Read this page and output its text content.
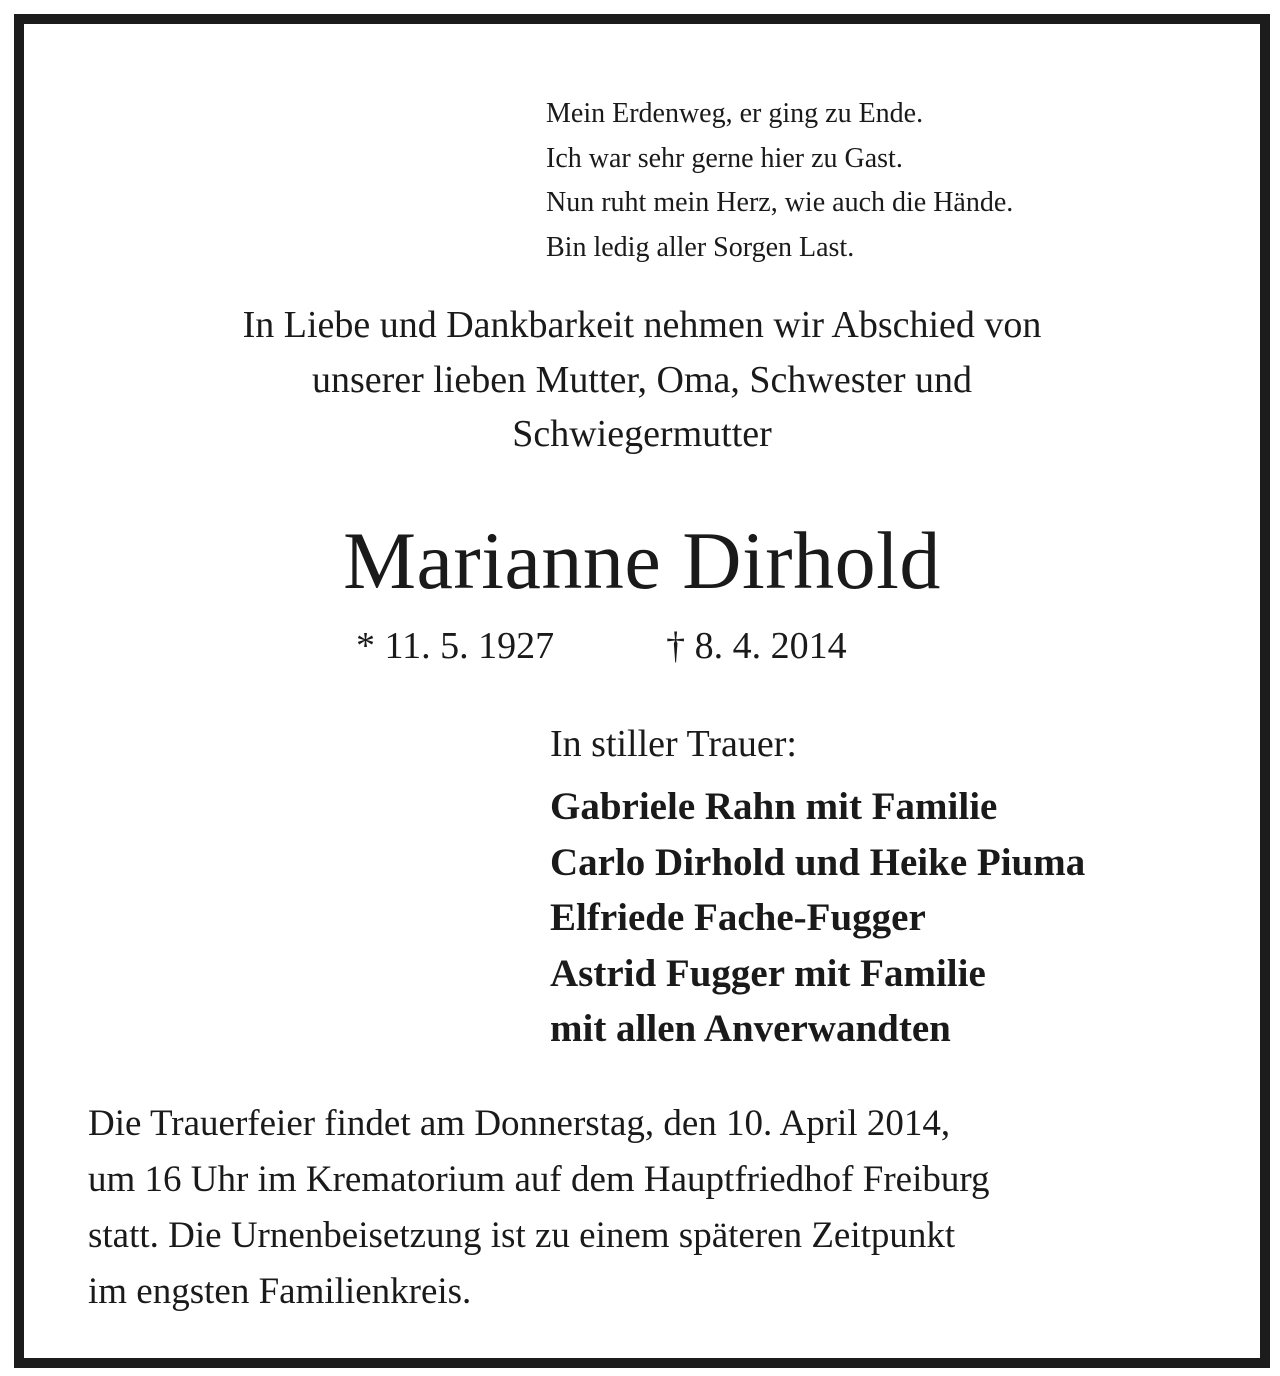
Mein Erdenweg, er ging zu Ende.
Ich war sehr gerne hier zu Gast.
Nun ruht mein Herz, wie auch die Hände.
Bin ledig aller Sorgen Last.
In Liebe und Dankbarkeit nehmen wir Abschied von
unserer lieben Mutter, Oma, Schwester und
Schwiegermutter
Marianne Dirhold
* 11. 5. 1927	† 8. 4. 2014
In stiller Trauer:
Gabriele Rahn mit Familie
Carlo Dirhold und Heike Piuma
Elfriede Fache-Fugger
Astrid Fugger mit Familie
mit allen Anverwandten
Die Trauerfeier findet am Donnerstag, den 10. April 2014,
um 16 Uhr im Krematorium auf dem Hauptfriedhof Freiburg
statt. Die Urnenbeisetzung ist zu einem späteren Zeitpunkt
im engsten Familienkreis.
